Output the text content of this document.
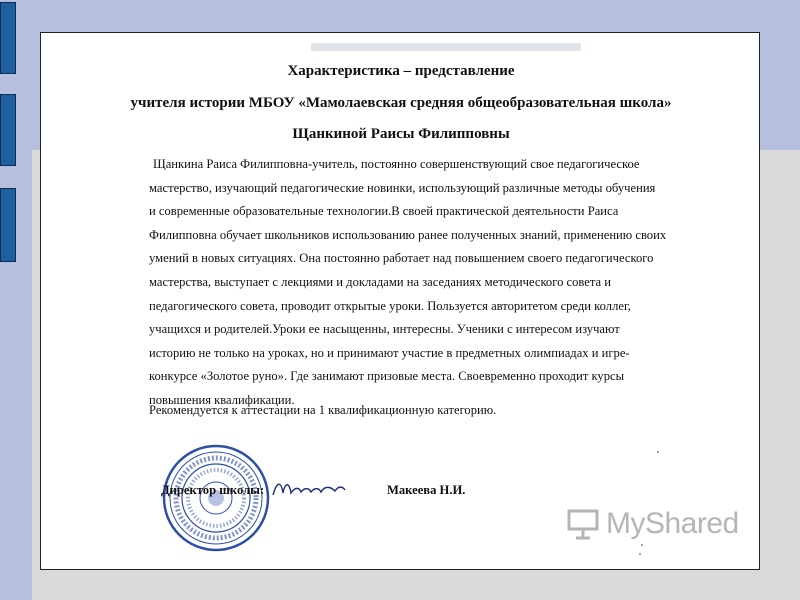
Характеристика – представление
учителя истории МБОУ «Мамолаевская средняя общеобразовательная школа»
Щанкиной Раисы Филипповны
Щанкина Раиса Филипповна-учитель, постоянно совершенствующий свое педагогическое
мастерство, изучающий педагогические новинки, использующий различные методы обучения
и современные образовательные технологии.В своей практической деятельности Раиса
Филипповна обучает школьников использованию ранее полученных знаний, применению своих
умений в новых ситуациях. Она постоянно работает над повышением своего педагогического
мастерства, выступает с лекциями и докладами на заседаниях методического совета и
педагогического совета, проводит открытые уроки. Пользуется авторитетом среди коллег,
учащихся и родителей.Уроки ее насыщенны, интересны. Ученики с интересом изучают
историю не только на уроках, но и принимают участие в предметных олимпиадах и игре-
конкурсе «Золотое руно». Где занимают призовые места. Своевременно проходит курсы
повышения квалификации.
Рекомендуется к аттестации на 1 квалификационную категорию.
Директор школы:	Макеева Н.И.
MyShared
